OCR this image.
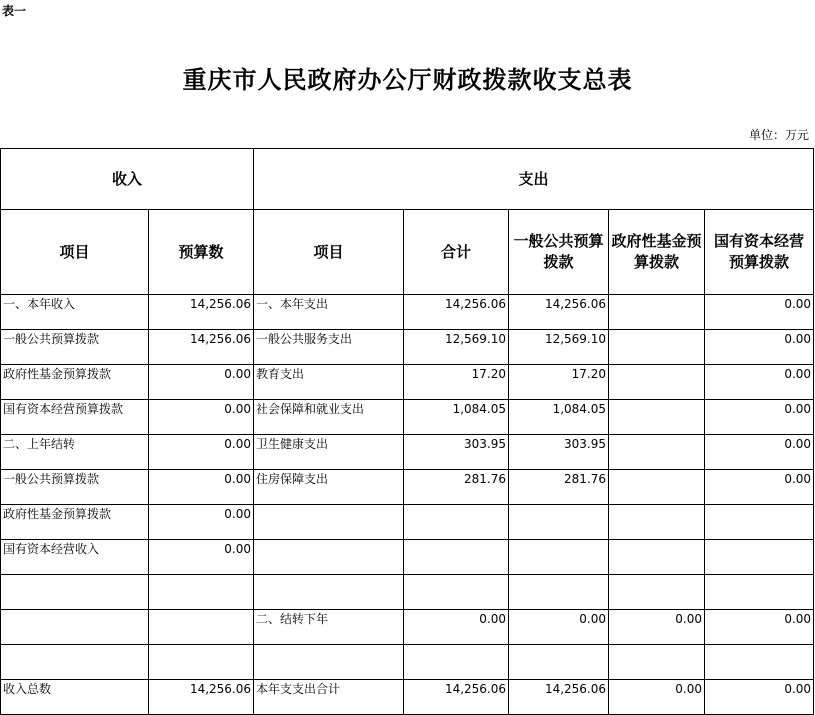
表一
重庆市人民政府办公厅财政拨款收支总表
单位：万元
收入		支出				
项目	预算数	项目	合计	一般公共预算拨款	政府性基金预算拨款	国有资本经营预算拨款
一、本年收入	14,256.06	一、本年支出	14,256.06	14,256.06		0.00
一般公共预算拨款	14,256.06	一般公共服务支出	12,569.10	12,569.10		0.00
政府性基金预算拨款	0.00	教育支出	17.20	17.20		0.00
国有资本经营预算拨款	0.00	社会保障和就业支出	1,084.05	1,084.05		0.00
二、上年结转	0.00	卫生健康支出	303.95	303.95		0.00
一般公共预算拨款	0.00	住房保障支出	281.76	281.76		0.00
政府性基金预算拨款	0.00					
国有资本经营收入	0.00					

		二、结转下年	0.00	0.00	0.00	0.00

收入总数	14,256.06	本年支支出合计	14,256.06	14,256.06	0.00	0.00
